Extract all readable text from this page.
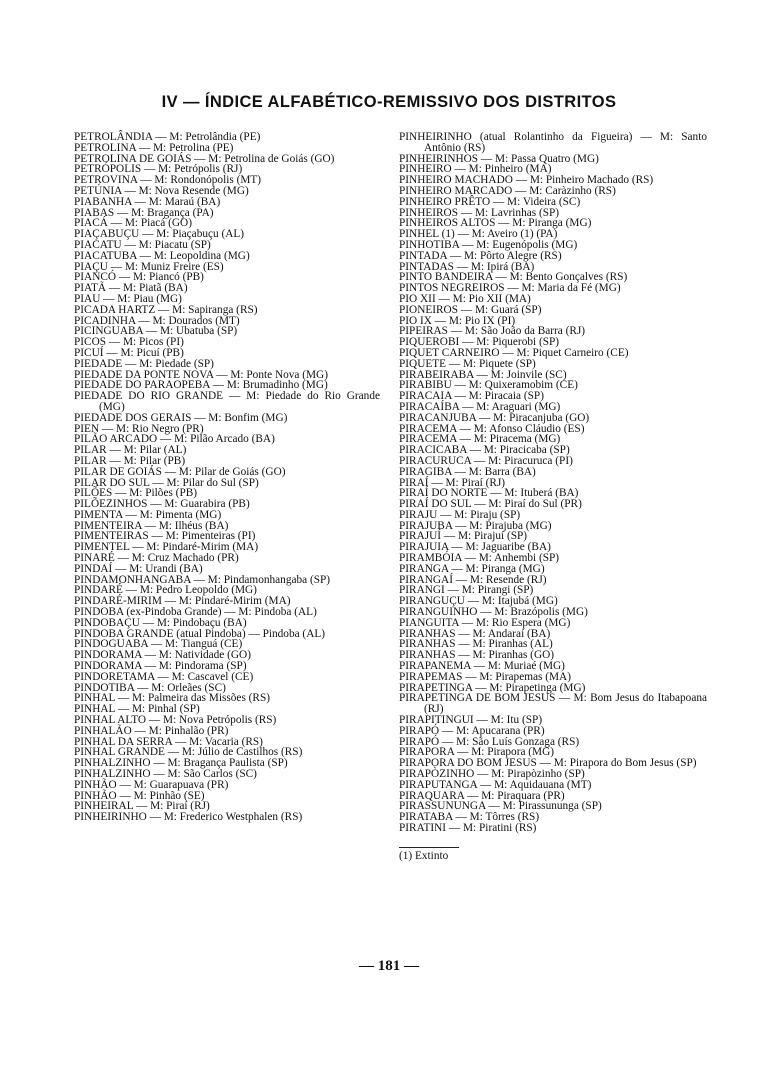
IV — ÍNDICE ALFABÉTICO-REMISSIVO DOS DISTRITOS

PETROLÂNDIA — M: Petrolândia (PE)

PETROLINA — M: Petrolina (PE)

PETROLINA DE GOIÁS — M: Petrolina de Goiás (GO)

PETRÓPOLIS — M: Petrópolis (RJ)

PETROVINA — M: Rondonópolis (MT)

PETÚNIA — M: Nova Resende (MG)

PIABANHA — M: Maraú (BA)

PIABAS — M: Bragança (PA)

PIACÁ — M: Piacá (GO)

PIAÇABUÇU — M: Piaçabuçu (AL)

PIACATU — M: Piacatu (SP)

PIACATUBA — M: Leopoldina (MG)

PIAÇU — M: Muniz Freire (ES)

PIANCÓ — M: Piancó (PB)

PIATÃ — M: Piatã (BA)

PIAU — M: Piau (MG)

PICADA HARTZ — M: Sapiranga (RS)

PICADINHA — M: Dourados (MT)

PICINGUABA — M: Ubatuba (SP)

PICOS — M: Picos (PI)

PICUÍ — M: Picuí (PB)

PIEDADE — M: Piedade (SP)

PIEDADE DA PONTE NOVA — M: Ponte Nova (MG)

PIEDADE DO PARAOPEBA — M: Brumadinho (MG)

PIEDADE DO RIO GRANDE — M: Piedade do Rio Grande (MG)

PIEDADE DOS GERAIS — M: Bonfim (MG)

PIEN — M: Rio Negro (PR)

PILÃO ARCADO — M: Pilão Arcado (BA)

PILAR — M: Pilar (AL)

PILAR — M: Pilar (PB)

PILAR DE GOIÁS — M: Pilar de Goiás (GO)

PILAR DO SUL — M: Pilar do Sul (SP)

PILÕES — M: Pilões (PB)

PILÕEZINHOS — M: Guarabira (PB)

PIMENTA — M: Pimenta (MG)

PIMENTEIRA — M: Ilhéus (BA)

PIMENTEIRAS — M: Pimenteiras (PI)

PIMENTEL — M: Pindaré-Mirim (MA)

PINARÉ — M: Cruz Machado (PR)

PINDAÍ — M: Urandi (BA)

PINDAMONHANGABA — M: Pindamonhangaba (SP)

PINDARÉ — M: Pedro Leopoldo (MG)

PINDARÉ-MIRIM — M: Pindaré-Mirim (MA)

PINDOBA (ex-Pindoba Grande) — M: Pindoba (AL)

PINDOBAÇU — M: Pindobaçu (BA)

PINDOBA GRANDE (atual Pindoba) — Pindoba (AL)

PINDOGUABA — M: Tianguá (CE)

PINDORAMA — M: Natividade (GO)

PINDORAMA — M: Pindorama (SP)

PINDORETAMA — M: Cascavel (CE)

PINDOTIBA — M: Orleães (SC)

PINHAL — M: Palmeira das Missões (RS)

PINHAL — M: Pinhal (SP)

PINHAL ALTO — M: Nova Petrópolis (RS)

PINHALÃO — M: Pinhalão (PR)

PINHAL DA SERRA — M: Vacaria (RS)

PINHAL GRANDE — M: Júlio de Castilhos (RS)

PINHALZINHO — M: Bragança Paulista (SP)

PINHALZINHO — M: São Carlos (SC)

PINHÃO — M: Guarapuava (PR)

PINHÃO — M: Pinhão (SE)

PINHEIRAL — M: Piraí (RJ)

PINHEIRINHO — M: Frederico Westphalen (RS)

PINHEIRINHO (atual Rolantinho da Figueira) — M: Santo Antônio (RS)

PINHEIRINHOS — M: Passa Quatro (MG)

PINHEIRO — M: Pinheiro (MA)

PINHEIRO MACHADO — M: Pinheiro Machado (RS)

PINHEIRO MARCADO — M: Caràzinho (RS)

PINHEIRO PRÊTO — M: Videira (SC)

PINHEIROS — M: Lavrinhas (SP)

PINHEIROS ALTOS — M: Piranga (MG)

PINHEL (1) — M: Aveiro (1) (PA)

PINHOTIBA — M: Eugenópolis (MG)

PINTADA — M: Pôrto Alegre (RS)

PINTADAS — M: Ipirá (BA)

PINTO BANDEIRA — M: Bento Gonçalves (RS)

PINTOS NEGREIROS — M: Maria da Fé (MG)

PIO XII — M: Pio XII (MA)

PIONEIROS — M: Guará (SP)

PIO IX — M: Pio IX (PI)

PIPEIRAS — M: São João da Barra (RJ)

PIQUEROBI — M: Piquerobi (SP)

PIQUET CARNEIRO — M: Piquet Carneiro (CE)

PIQUETE — M: Piquete (SP)

PIRABEIRABA — M: Joinvile (SC)

PIRABIBU — M: Quixeramobim (CE)

PIRACAIA — M: Piracaia (SP)

PIRACAÍBA — M: Araguari (MG)

PIRACANJUBA — M: Piracanjuba (GO)

PIRACEMA — M: Afonso Cláudio (ES)

PIRACEMA — M: Piracema (MG)

PIRACICABA — M: Piracicaba (SP)

PIRACURUCA — M: Piracuruca (PI)

PIRAGIBA — M: Barra (BA)

PIRAÍ — M: Piraí (RJ)

PIRAÍ DO NORTE — M: Ituberá (BA)

PIRAÍ DO SUL — M: Piraí do Sul (PR)

PIRAJU — M: Piraju (SP)

PIRAJUBA — M: Pirajuba (MG)

PIRAJUÍ — M: Pirajuí (SP)

PIRAJUIA — M: Jaguaribe (BA)

PIRAMBÓIA — M: Anhembi (SP)

PIRANGA — M: Piranga (MG)

PIRANGAÍ — M: Resende (RJ)

PIRANGI — M: Pirangi (SP)

PIRANGUÇU — M: Itajubá (MG)

PIRANGUINHO — M: Brazópolis (MG)

PIANGUITA — M: Rio Espera (MG)

PIRANHAS — M: Andaraí (BA)

PIRANHAS — M: Piranhas (AL)

PIRANHAS — M: Piranhas (GO)

PIRAPANEMA — M: Muriaé (MG)

PIRAPEMAS — M: Pirapemas (MA)

PIRAPETINGA — M: Pirapetinga (MG)

PIRAPETINGA DE BOM JESUS — M: Bom Jesus do Itabapoana (RJ)

PIRAPITINGUI — M: Itu (SP)

PIRAPÓ — M: Apucarana (PR)

PIRAPÓ — M: São Luís Gonzaga (RS)

PIRAPORA — M: Pirapora (MG)

PIRAPORA DO BOM JESUS — M: Pirapora do Bom Jesus (SP)

PIRAPÒZINHO — M: Pirapòzinho (SP)

PIRAPUTANGA — M: Aquidauana (MT)

PIRAQUARA — M: Piraquara (PR)

PIRASSUNUNGA — M: Pirassununga (SP)

PIRATABA — M: Tôrres (RS)

PIRATINI — M: Piratini (RS)

(1) Extinto
— 181 —
